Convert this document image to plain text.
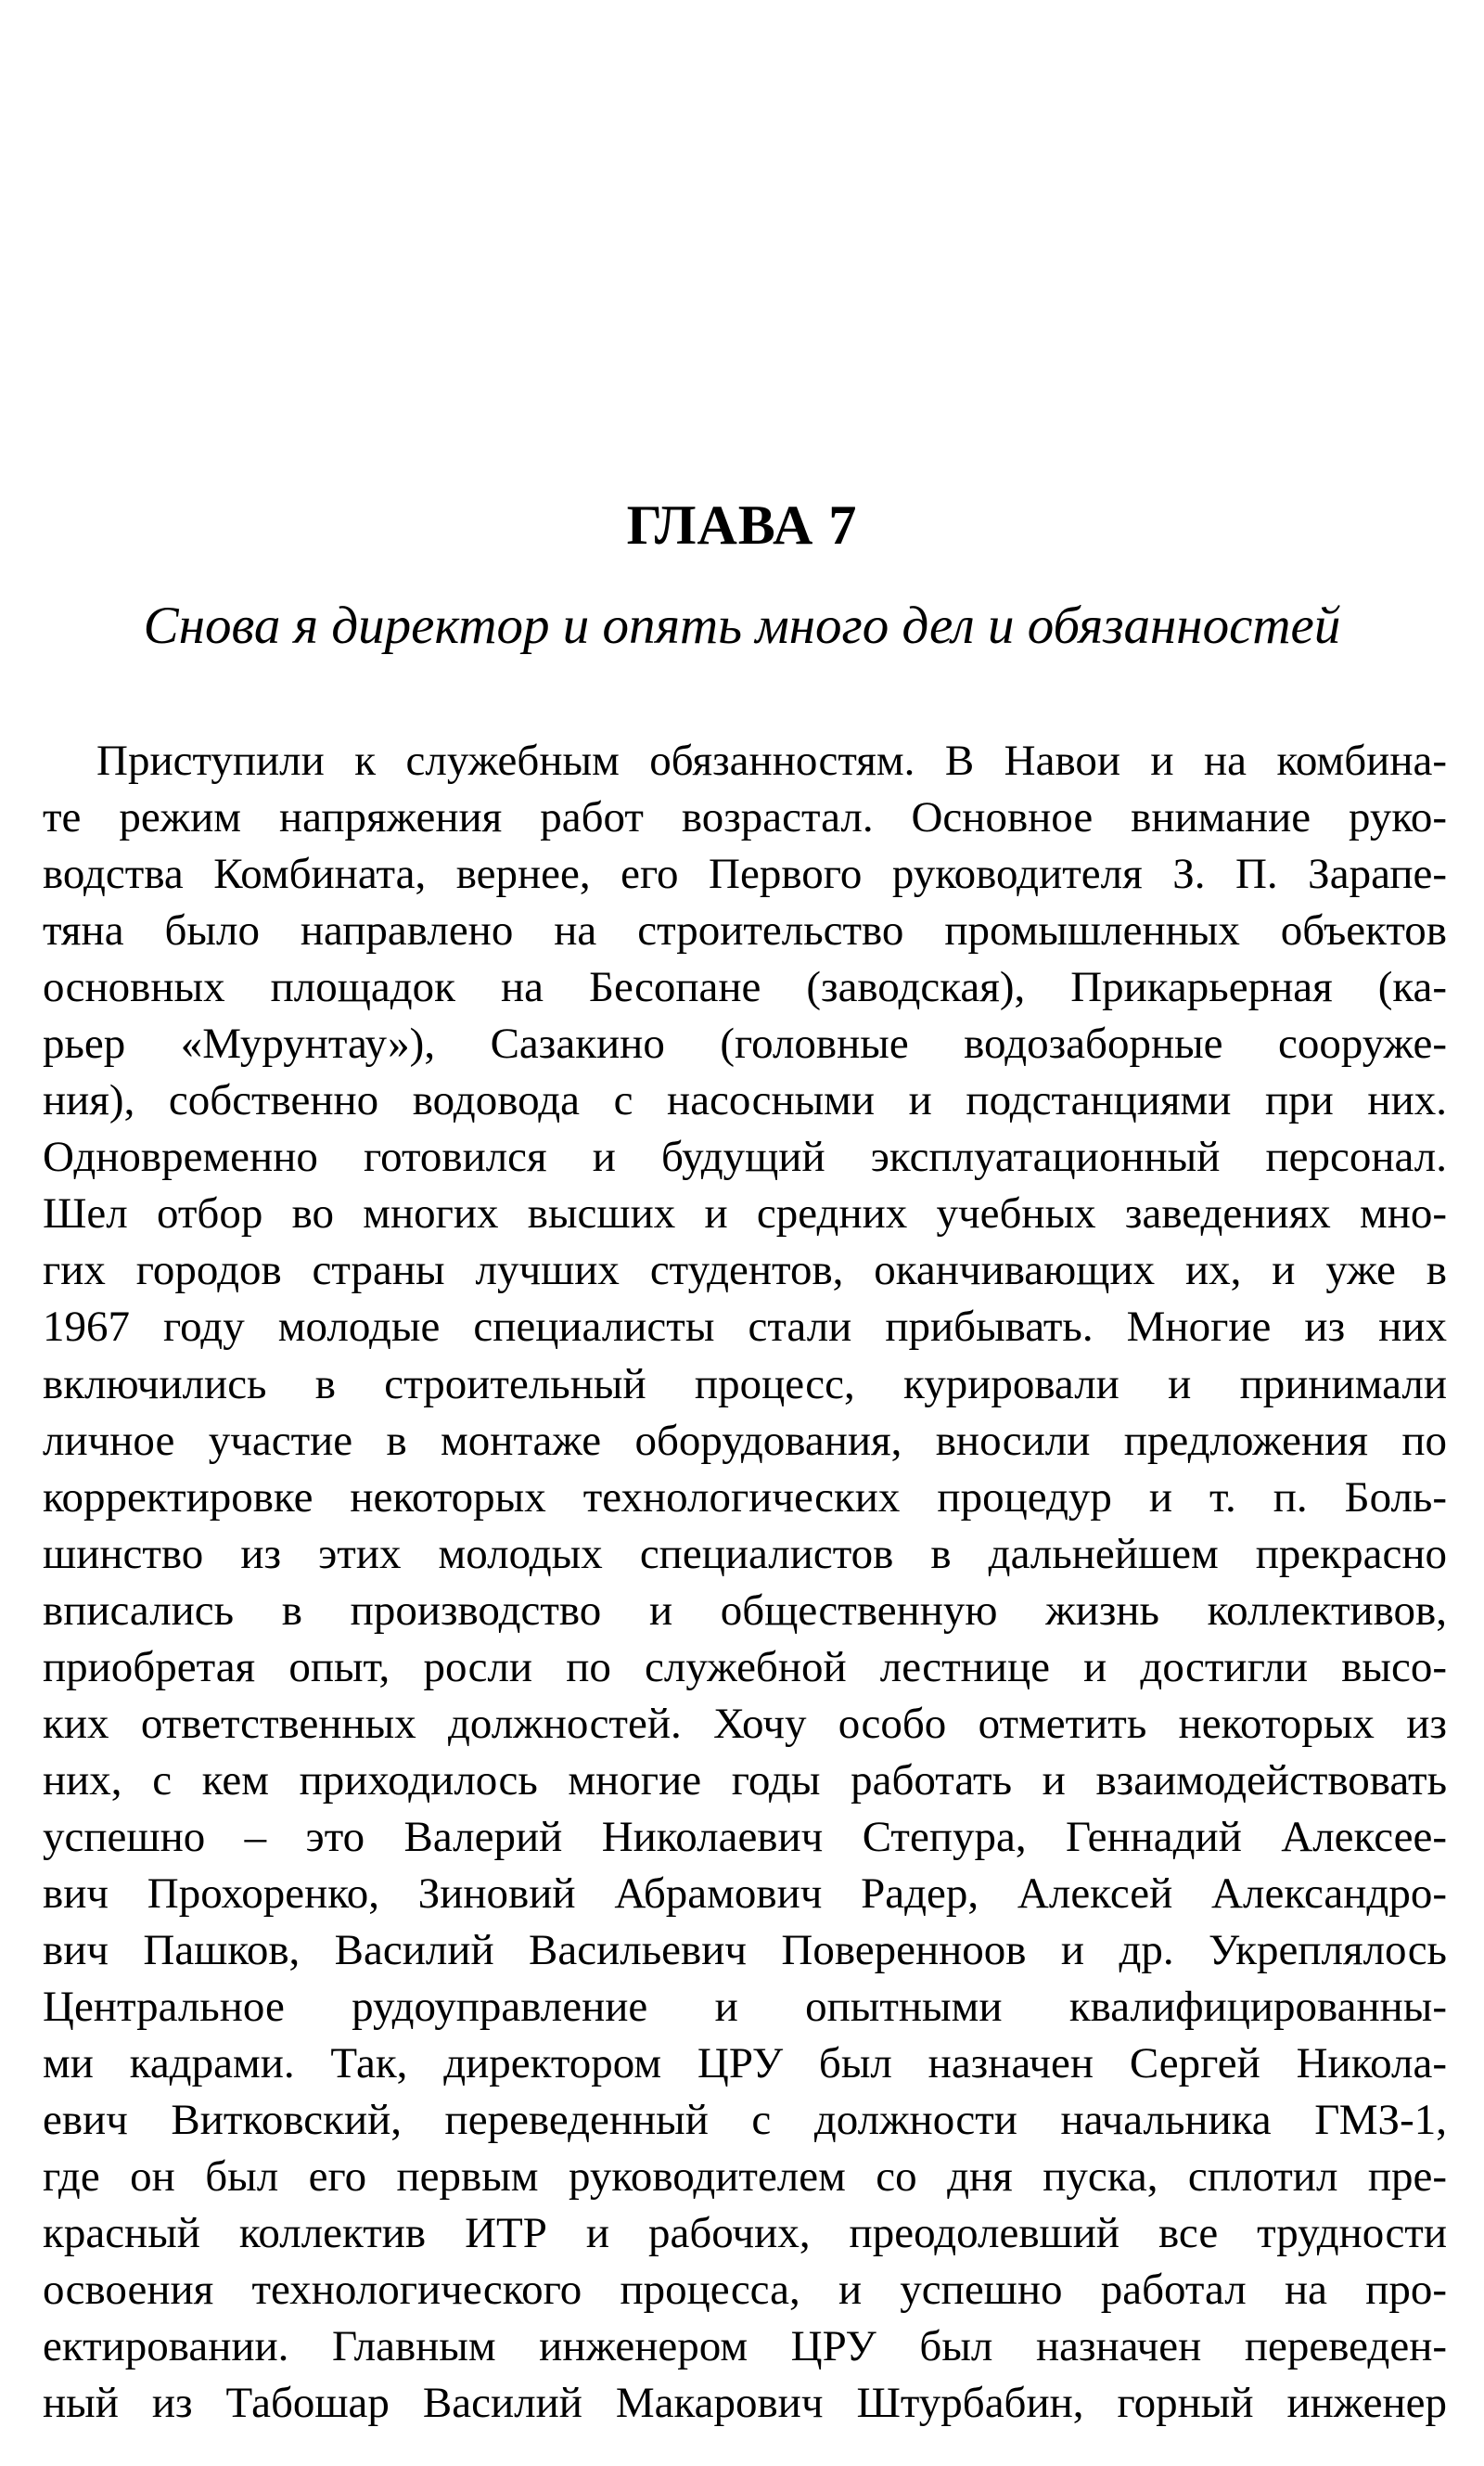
ГЛАВА 7
Снова я директор и опять много дел и обязанностей
Приступили к служебным обязанностям. В Навои и на комбина-
те режим напряжения работ возрастал. Основное внимание руко-
водства Комбината, вернее, его Первого руководителя З. П. Зарапе-
тяна было направлено на строительство промышленных объектов
основных площадок на Бесопане (заводская), Прикарьерная (ка-
рьер «Мурунтау»), Сазакино (головные водозаборные сооруже-
ния), собственно водовода с насосными и подстанциями при них.
Одновременно готовился и будущий эксплуатационный персонал.
Шел отбор во многих высших и средних учебных заведениях мно-
гих городов страны лучших студентов, оканчивающих их, и уже в
1967 году молодые специалисты стали прибывать. Многие из них
включились в строительный процесс, курировали и принимали
личное участие в монтаже оборудования, вносили предложения по
корректировке некоторых технологических процедур и т. п. Боль-
шинство из этих молодых специалистов в дальнейшем прекрасно
вписались в производство и общественную жизнь коллективов,
приобретая опыт, росли по служебной лестнице и достигли высо-
ких ответственных должностей. Хочу особо отметить некоторых из
них, с кем приходилось многие годы работать и взаимодействовать
успешно – это Валерий Николаевич Степура, Геннадий Алексее-
вич Прохоренко, Зиновий Абрамович Радер, Алексей Александро-
вич Пашков, Василий Васильевич Поверенноов и др. Укреплялось
Центральное рудоуправление и опытными квалифицированны-
ми кадрами. Так, директором ЦРУ был назначен Сергей Никола-
евич Витковский, переведенный с должности начальника ГМЗ-1,
где он был его первым руководителем со дня пуска, сплотил пре-
красный коллектив ИТР и рабочих, преодолевший все трудности
освоения технологического процесса, и успешно работал на про-
ектировании. Главным инженером ЦРУ был назначен переведен-
ный из Табошар Василий Макарович Штурбабин, горный инженер
